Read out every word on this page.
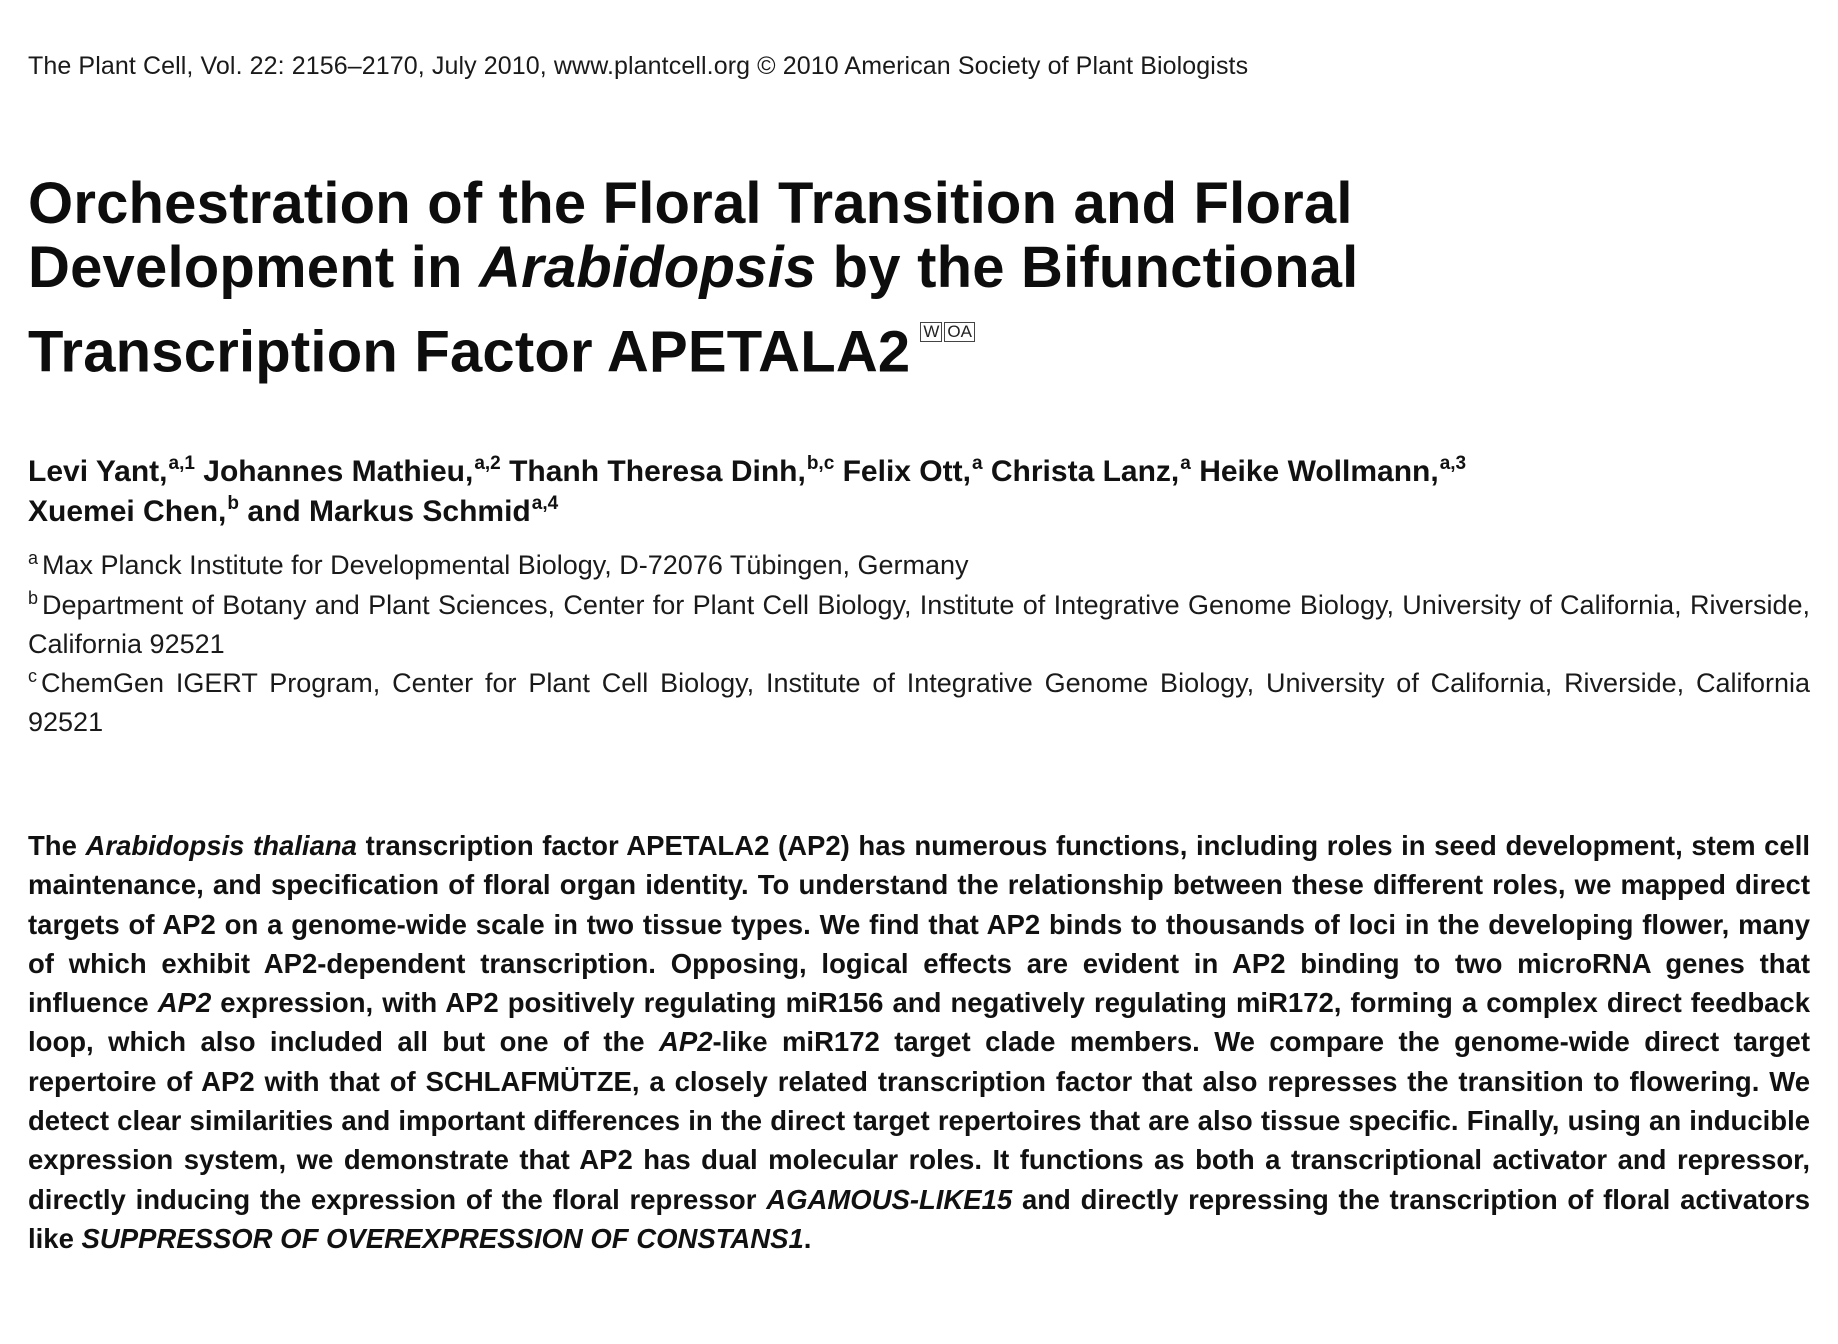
The Plant Cell, Vol. 22: 2156–2170, July 2010, www.plantcell.org © 2010 American Society of Plant Biologists
Orchestration of the Floral Transition and Floral
Development in Arabidopsis by the Bifunctional
Transcription Factor APETALA2 W OA
Levi Yant,$^{a,1}$ Johannes Mathieu,$^{a,2}$ Thanh Theresa Dinh,$^{b,c}$ Felix Ott,$^a$ Christa Lanz,$^a$ Heike Wollmann,$^{a,3}$
Xuemei Chen,$^b$ and Markus Schmid$^{a,4}$
$^a$ Max Planck Institute for Developmental Biology, D-72076 Tübingen, Germany
$^b$ Department of Botany and Plant Sciences, Center for Plant Cell Biology, Institute of Integrative Genome Biology, University of California, Riverside, California 92521
$^c$ ChemGen IGERT Program, Center for Plant Cell Biology, Institute of Integrative Genome Biology, University of California, Riverside, California 92521

The Arabidopsis thaliana transcription factor APETALA2 (AP2) has numerous functions, including roles in seed development, stem cell maintenance, and specification of floral organ identity. To understand the relationship between these different roles, we mapped direct targets of AP2 on a genome-wide scale in two tissue types. We find that AP2 binds to thousands of loci in the developing flower, many of which exhibit AP2-dependent transcription. Opposing, logical effects are evident in AP2 binding to two microRNA genes that influence AP2 expression, with AP2 positively regulating miR156 and negatively regulating miR172, forming a complex direct feedback loop, which also included all but one of the AP2-like miR172 target clade members. We compare the genome-wide direct target repertoire of AP2 with that of SCHLAFMÜTZE, a closely related transcription factor that also represses the transition to flowering. We detect clear similarities and important differences in the direct target repertoires that are also tissue specific. Finally, using an inducible expression system, we demonstrate that AP2 has dual molecular roles. It functions as both a transcriptional activator and repressor, directly inducing the expression of the floral repressor AGAMOUS-LIKE15 and directly repressing the transcription of floral activators like SUPPRESSOR OF OVEREXPRESSION OF CONSTANS1.
